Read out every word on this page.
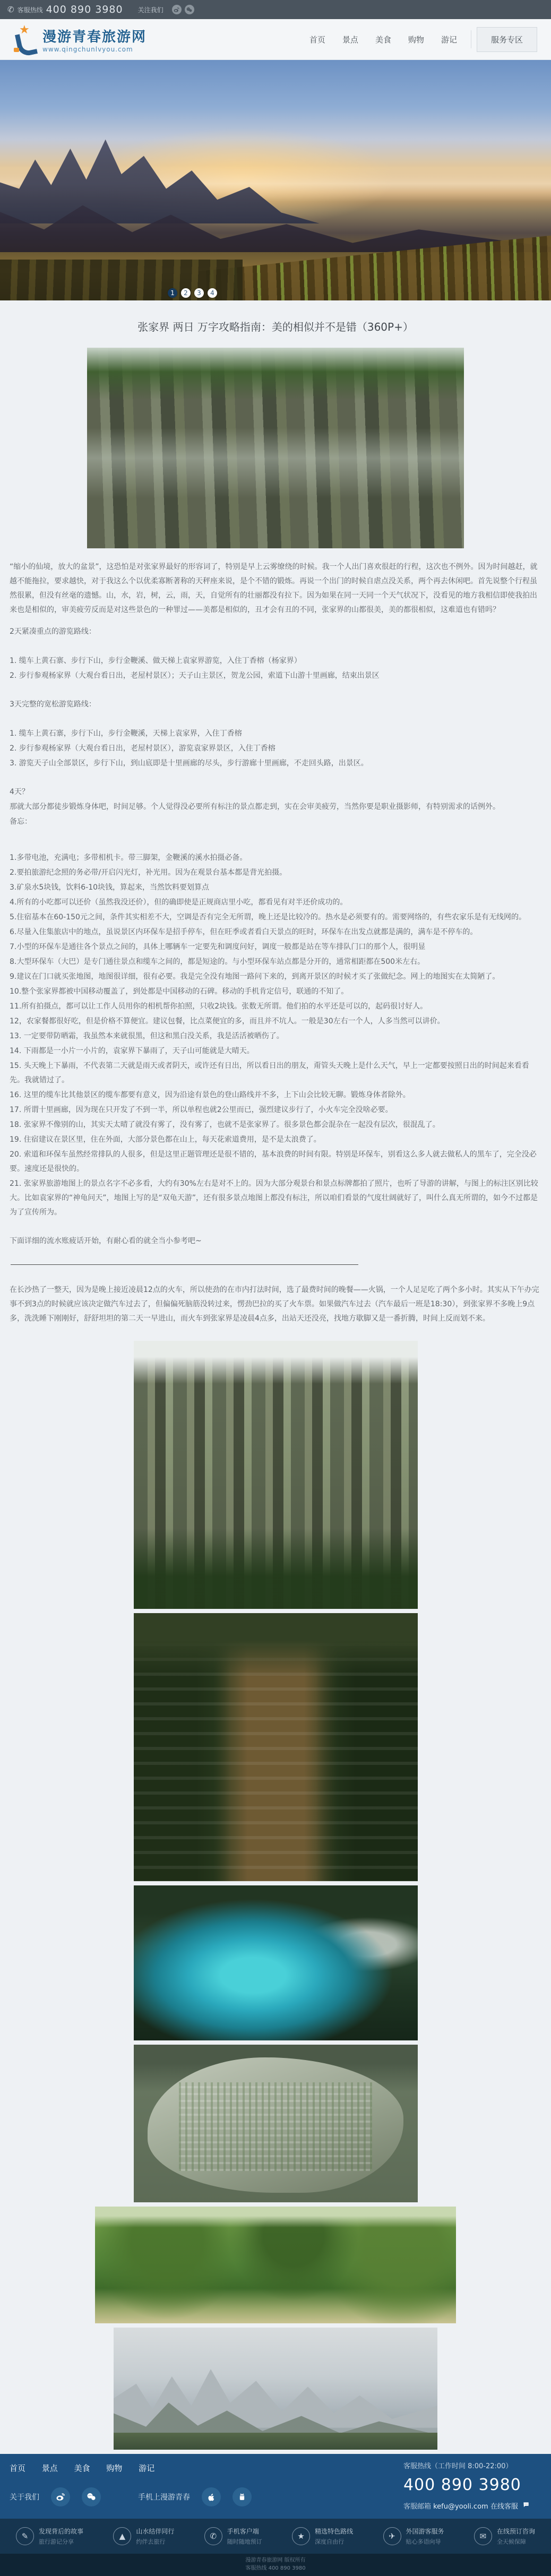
✆ 客服热线 400 890 3980 关注我们
★ 漫游青春旅游网
www.qingchunlvyou.com
首页 景点 美食 购物 游记	服务专区
1	2	3	4
张家界 两日 万字攻略指南：美的相似并不是错（360P+）

“缩小的仙境，放大的盆景”，这恐怕是对张家界最好的形容词了，特别是早上云雾缭绕的时候。我一个人出门喜欢很赶的行程，这次也不例外。因为时间越赶，就越不能拖拉，要求越快，对于我这么个以优柔寡断著称的天秤座来说，是个不错的锻炼。再说一个出门的时候自虐点没关系，两个再去休闲吧。首先说整个行程虽然很累，但没有丝毫的遗憾。山，水，岩，树，云，雨，天，自觉所有的壮丽都没有拉下。因为如果在同一天同一个天气状况下，没看见的地方我相信即使我拍出来也是相似的，审美疲劳反而是对这些景色的一种罪过——美都是相似的，丑才会有丑的不同，张家界的山都很美，美的都很相似，这难道也有错吗？

2天紧凑重点的游览路线：

1. 缆车上黄石寨、步行下山，步行金鞭溪、做天梯上袁家界游览，入住丁香榕（杨家界）

2. 步行参观杨家界（大观台看日出，老屋村景区）；天子山主景区，贺龙公园，索道下山游十里画廊，结束出景区

3天完整的宽松游览路线：

1. 缆车上黄石寨，步行下山，步行金鞭溪，天梯上袁家界，入住丁香榕

2. 步行参观杨家界（大观台看日出，老屋村景区），游览袁家界景区，入住丁香榕

3. 游览天子山全部景区，步行下山，到山底即是十里画廊的尽头，步行游廊十里画廊，不走回头路，出景区。

4天？

那就大部分都徒步锻炼身体吧，时间足够。个人觉得没必要所有标注的景点都走到，实在会审美疲劳，当然你要是职业摄影师，有特别需求的话例外。

备忘：

1.多带电池，充满电；多带相机卡。带三脚架，金鞭溪的溪水拍摄必备。

2.要拍旅游纪念照的务必带/开启闪光灯，补光用。因为在观景台基本都是背光拍摄。

3.矿泉水5块钱，饮料6-10块钱，算起来，当然饮料要划算点

4.所有的小吃都可以还价（虽然我没还价），但的确即使是正规商店里小吃，都看见有对半还价成功的。

5.住宿基本在60-150元之间，条件其实相差不大，空调是否有完全无所谓，晚上还是比较冷的。热水是必须要有的。需要网络的，有些农家乐是有无线网的。

6.尽量入住集旅店中的地点，虽说景区内环保车是招手停车，但在旺季或者看白天景点的旺时，环保车在出发点就都是满的，满车是不停车的。

7.小型的环保车是通往各个景点之间的，具体上哪辆车一定要先和调度问好，调度一般都是站在等车排队门口的那个人，很明显

8.大型环保车（大巴）是专门通往景点和缆车之间的，都是短途的。与小型环保车站点都是分开的，通常相距都在500米左右。

9.建议在门口就买张地图，地图很详细，很有必要。我是完全没有地图一路问下来的，到离开景区的时候才买了张做纪念。网上的地图实在太简陋了。

10.整个张家界都被中国移动覆盖了，到处都是中国移动的石碑。移动的手机肯定信号，联通的不知了。

11.所有拍摄点，都可以让工作人员用你的相机帮你拍照，只收2块钱。张数无所谓。他们拍的水平还是可以的，起码很讨好人。

12，农家餐都很好吃，但是价格不算便宜。建议包餐，比点菜便宜的多，而且并不坑人。一般是30左右一个人，人多当然可以讲价。

13. 一定要带防晒霜，我虽然本来就很黑，但这和黑白没关系，我是活活被晒伤了。

14. 下雨都是一小片一小片的，袁家界下暴雨了，天子山可能就是大晴天。

15. 头天晚上下暴雨，不代表第二天就是雨天或者阴天，或许还有日出，所以看日出的朋友，甭管头天晚上是什么天气，早上一定都要按照日出的时间起来看看先。我就错过了。

16. 这里的缆车比其他景区的缆车都要有意义，因为沿途有景色的登山路线并不多，上下山会比较无聊。锻炼身体者除外。

17. 所谓十里画廊，因为现在只开发了不到一半，所以单程也就2公里而已，强烈建议步行了，小火车完全没啥必要。

18. 张家界不像别的山，其实天太晴了就没有雾了，没有雾了，也就不是张家界了。很多景色都会混杂在一起没有层次，很混乱了。

19. 住宿建议在景区里，住在外面，大部分景色都在山上，每天花索道费用，是不是太浪费了。

20. 索道和环保车虽然经常排队的人很多，但是这里正题管理还是很不错的，基本浪费的时间有限。特别是环保车，别看这么多人就去做私人的黑车了，完全没必要。速度还是很快的。

21. 张家界旅游地图上的景点名字不必多看，大约有30%左右是对不上的。因为大部分观景台和景点标牌都拍了照片，也听了导游的讲解，与图上的标注区别比较大。比如袁家界的“神龟问天”，地图上写的是“双龟天游”，还有很多景点地图上都没有标注，所以咱们看景的气度壮阔就好了，叫什么真无所谓的，如今不过都是为了宣传所为。

下面详细的流水账疲话开始，有耐心看的就全当小参考吧~

在长沙热了一整天，因为是晚上接近凌晨12点的火车，所以使劲的在市内打法时间，选了最费时间的晚餐——火锅，一个人足足吃了两个多小时。其实从下午办完事不到3点的时候就应该决定做汽车过去了，但偏偏死脑筋没转过来，愣劲巴拉的买了火车票。如果做汽车过去（汽车最后一班是18:30），到张家界不多晚上9点多，洗洗睡下刚刚好，舒舒坦坦的第二天一早进山，而火车到张家界是凌晨4点多，出站天还没亮，找地方歇脚又是一番折腾，时间上反而划不来。

首页 景点 美食 购物 游记
关于我们	手机上漫游青春
客服热线（工作时间 8:00-22:00）
400 890 3980
客服邮箱 kefu@yooli.com 在线客服
✎	发现背后的故事
旅行游记分享
▲	山水结伴同行
约伴去旅行
✆	手机客户端
随时随地预订
★	精选特色路线
深度自由行
✈	外国游客服务
贴心多语向导
✉	在线预订咨询
全天候保障
漫游青春旅游网 版权所有
客服热线 400 890 3980
